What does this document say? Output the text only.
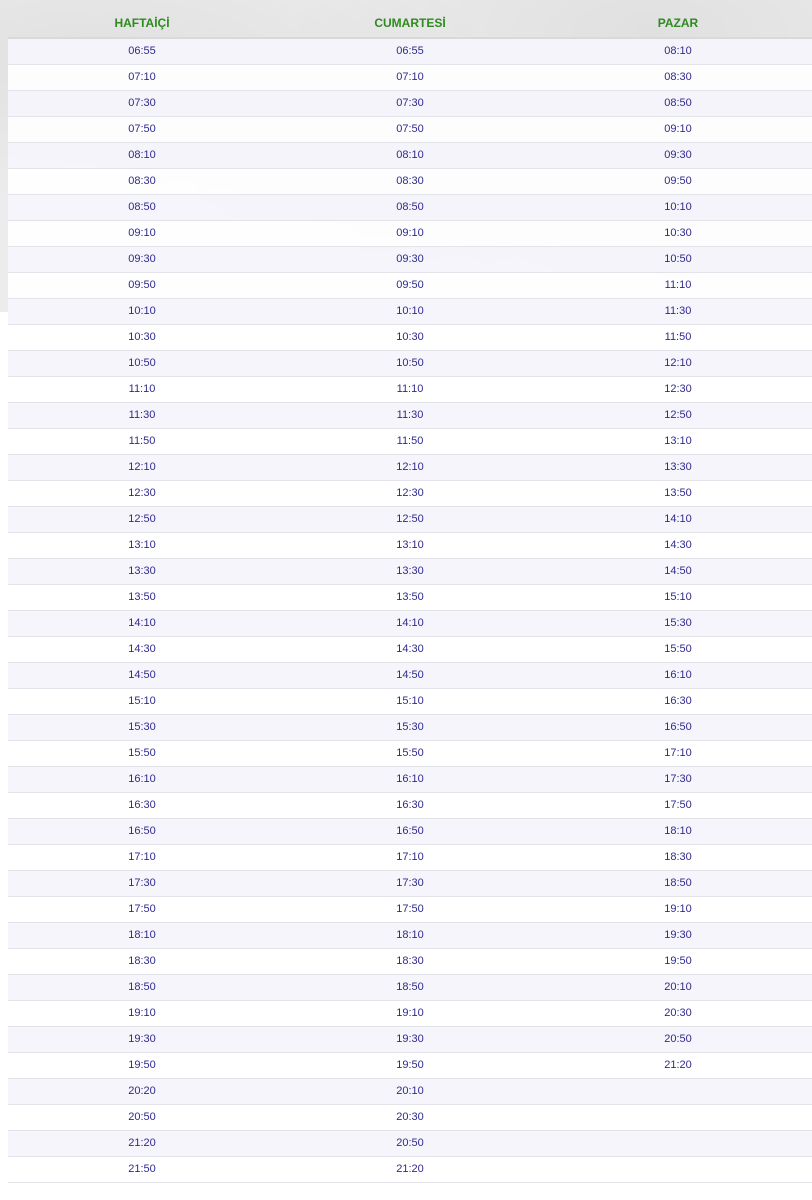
HAFTAİÇİ	CUMARTESİ	PAZAR
06:55	06:55	08:10
07:10	07:10	08:30
07:30	07:30	08:50
07:50	07:50	09:10
08:10	08:10	09:30
08:30	08:30	09:50
08:50	08:50	10:10
09:10	09:10	10:30
09:30	09:30	10:50
09:50	09:50	11:10
10:10	10:10	11:30
10:30	10:30	11:50
10:50	10:50	12:10
11:10	11:10	12:30
11:30	11:30	12:50
11:50	11:50	13:10
12:10	12:10	13:30
12:30	12:30	13:50
12:50	12:50	14:10
13:10	13:10	14:30
13:30	13:30	14:50
13:50	13:50	15:10
14:10	14:10	15:30
14:30	14:30	15:50
14:50	14:50	16:10
15:10	15:10	16:30
15:30	15:30	16:50
15:50	15:50	17:10
16:10	16:10	17:30
16:30	16:30	17:50
16:50	16:50	18:10
17:10	17:10	18:30
17:30	17:30	18:50
17:50	17:50	19:10
18:10	18:10	19:30
18:30	18:30	19:50
18:50	18:50	20:10
19:10	19:10	20:30
19:30	19:30	20:50
19:50	19:50	21:20
20:20	20:10
20:50	20:30
21:20	20:50
21:50	21:20
